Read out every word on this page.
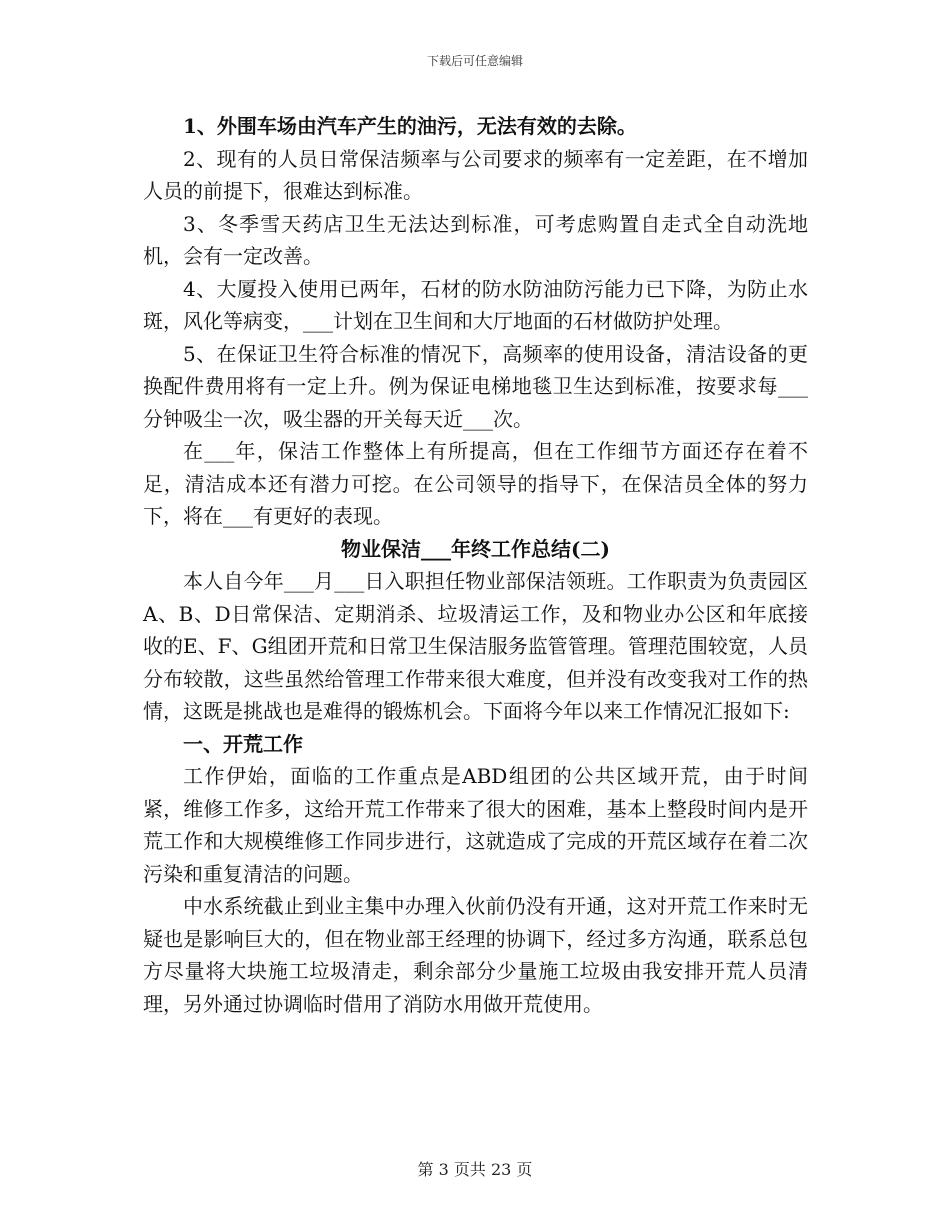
下载后可任意编辑

1、外围车场由汽车产生的油污，无法有效的去除。

2、现有的人员日常保洁频率与公司要求的频率有一定差距，在不增加人员的前提下，很难达到标准。

3、冬季雪天药店卫生无法达到标准，可考虑购置自走式全自动洗地机，会有一定改善。

4、大厦投入使用已两年，石材的防水防油防污能力已下降，为防止水斑，风化等病变，___计划在卫生间和大厅地面的石材做防护处理。

5、在保证卫生符合标准的情况下，高频率的使用设备，清洁设备的更换配件费用将有一定上升。例为保证电梯地毯卫生达到标准，按要求每___分钟吸尘一次，吸尘器的开关每天近___次。

在___年，保洁工作整体上有所提高，但在工作细节方面还存在着不足，清洁成本还有潜力可挖。在公司领导的指导下，在保洁员全体的努力下，将在___有更好的表现。

物业保洁___年终工作总结(二)

本人自今年___月___日入职担任物业部保洁领班。工作职责为负责园区A、B、D日常保洁、定期消杀、垃圾清运工作，及和物业办公区和年底接收的E、F、G组团开荒和日常卫生保洁服务监管管理。管理范围较宽，人员分布较散，这些虽然给管理工作带来很大难度，但并没有改变我对工作的热情，这既是挑战也是难得的锻炼机会。下面将今年以来工作情况汇报如下:

一、开荒工作

工作伊始，面临的工作重点是ABD组团的公共区域开荒，由于时间紧，维修工作多，这给开荒工作带来了很大的困难，基本上整段时间内是开荒工作和大规模维修工作同步进行，这就造成了完成的开荒区域存在着二次污染和重复清洁的问题。

中水系统截止到业主集中办理入伙前仍没有开通，这对开荒工作来时无疑也是影响巨大的，但在物业部王经理的协调下，经过多方沟通，联系总包方尽量将大块施工垃圾清走，剩余部分少量施工垃圾由我安排开荒人员清理，另外通过协调临时借用了消防水用做开荒使用。

第 3 页共 23 页
